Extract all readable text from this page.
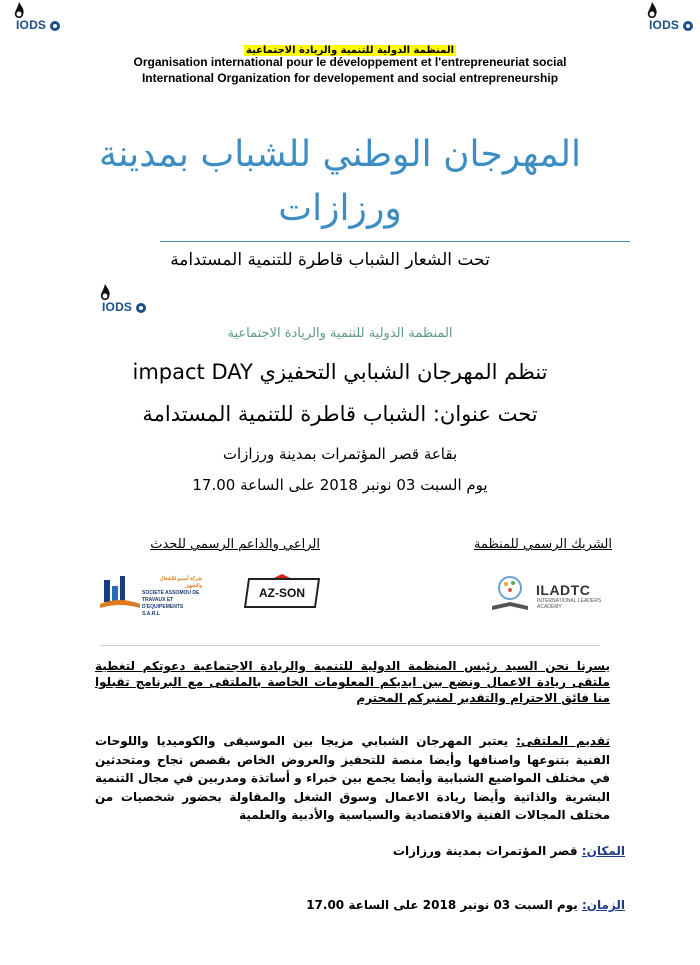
IODS	IODS
المنظمة الدولية للتنمية والريادة الاجتماعية
Organisation international pour le développement et l'entrepreneuriat social
International Organization for developement and social entrepreneurship
المهرجان الوطني للشباب بمدينة ورزازات
تحت الشعار الشباب قاطرة للتنمية المستدامة
IODS
المنظمة الدولية للتنمية والريادة الاجتماعية
تنظم المهرجان الشبابي التحفيزي impact DAY
تحت عنوان: الشباب قاطرة للتنمية المستدامة
بقاعة قصر المؤتمرات بمدينة ورزازات
يوم السبت 03 نونبر 2018 على الساعة 17.00
الشريك الرسمي للمنظمة
الراعي والداعم الرسمي للحدث
ILADTC
INTERNATIONAL LEADERS ACADEMY
AZ-SON
شركة أسمو للأشغال والتجهيز
SOCIETE ASSOMOU DE TRAVAUX ET D'EQUIPEMENTS S.A.R.L
يسرنا نحن السيد رئيس المنظمة الدولية للتنمية والريادة الاجتماعية دعوتكم لتغطية ملتقى ريادة الاعمال ونضع بين ايديكم المعلومات الخاصة بالملتقى مع البرنامج تقبلوا منا فائق الاحترام والتقدير لمنبركم المحترم
تقديم الملتقى: يعتبر المهرجان الشبابي مزيجا بين الموسيقى والكوميديا واللوحات الفنية بتنوعها واصنافها وأيضا منصة للتحفيز والعروض الخاص بقصص نجاح ومتحدثين في مختلف المواضيع الشبابية وأيضا يجمع بين خبراء و أساتذة ومدربين في مجال التنمية البشرية والذاتية وأيضا ريادة الاعمال وسوق الشغل والمقاولة بحضور شخصيات من مختلف المجالات الفنية والاقتصادية والسياسية والأدبية والعلمية
المكان: قصر المؤتمرات بمدينة ورزازات
الزمان: يوم السبت 03 نونبر 2018 على الساعة 17.00
